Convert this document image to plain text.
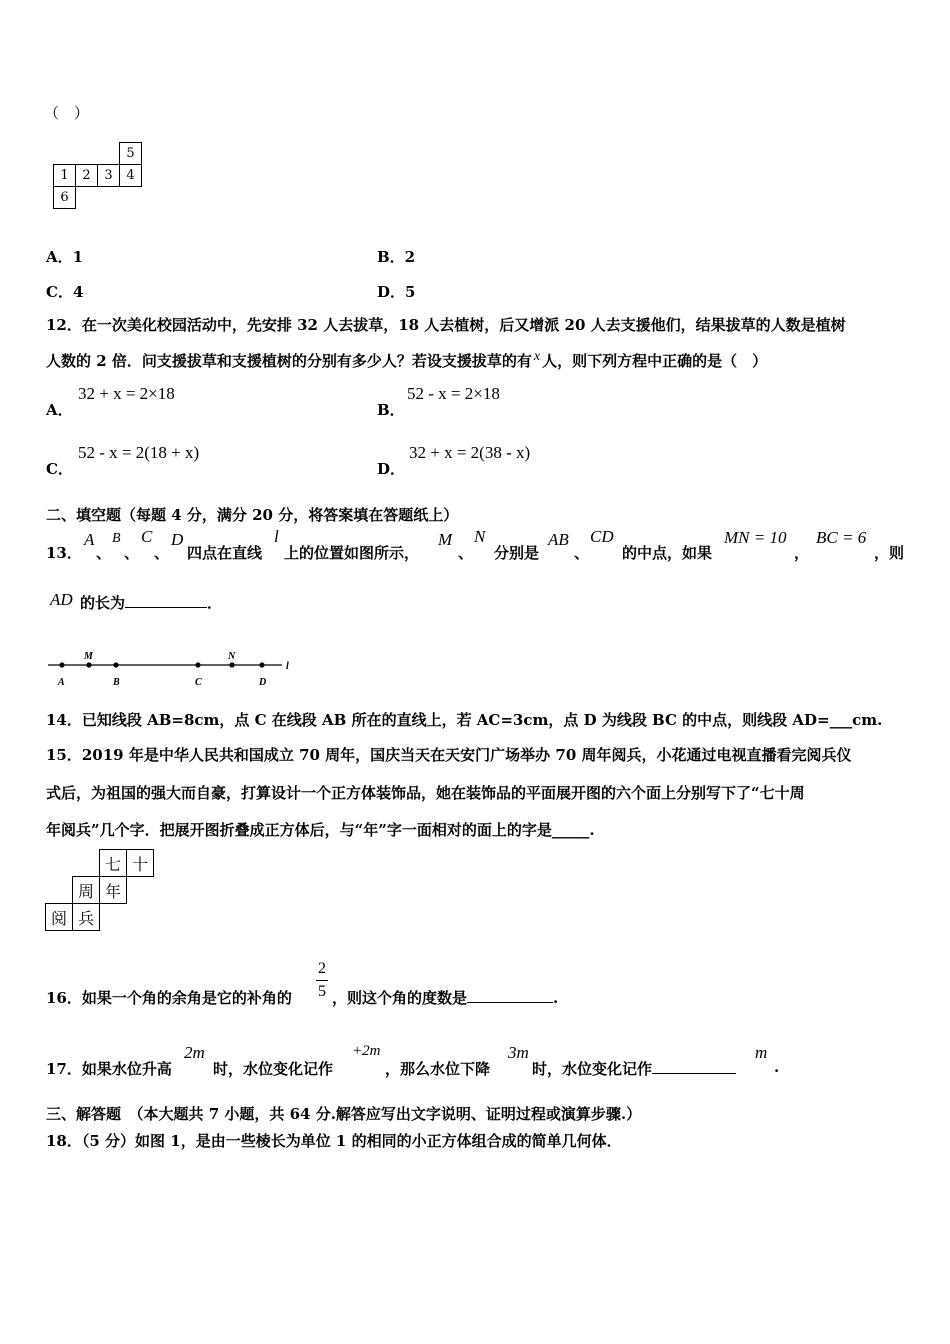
（　）
			5
1	2	3	4
6			
A．1	B．2
C．4	D．5
12．在一次美化校园活动中，先安排 32 人去拔草，18 人去植树，后又增派 20 人去支援他们，结果拔草的人数是植树
人数的 2 倍．问支援拔草和支援植树的分别有多少人？若设支援拔草的有 x 人，则下列方程中正确的是（　）
A．
32 + x = 2×18
B．
52 - x = 2×18
C．
52 - x = 2(18 + x)
D．
32 + x = 2(38 - x)
二、填空题（每题 4 分，满分 20 分，将答案填在答题纸上）
13．
A
、
B
、
C
、
D
四点在直线
l
上的位置如图所示，
M
、
N
分别是
AB
、
CD
的中点，如果
MN = 10
，
BC = 6
，则
AD 的长为	．
A
M
B	C
N
D
l
14．已知线段 AB=8cm，点 C 在线段 AB 所在的直线上，若 AC=3cm，点 D 为线段 BC 的中点，则线段 AD=___cm.
15．2019 年是中华人民共和国成立 70 周年，国庆当天在天安门广场举办 70 周年阅兵，小花通过电视直播看完阅兵仪
式后，为祖国的强大而自豪，打算设计一个正方体装饰品，她在装饰品的平面展开图的六个面上分别写下了“七十周
年阅兵”几个字．把展开图折叠成正方体后，与“年”字一面相对的面上的字是_____.
		七	十
	周	年	
阅	兵		
16．如果一个角的余角是它的补角的
2
5 ，则这个角的度数是	.
17．如果水位升高
2m
时，水位变化记作
+2m
，那么水位下降
3m
时，水位变化记作
m
.
三、解答题　（本大题共 7 小题，共 64 分.解答应写出文字说明、证明过程或演算步骤.）
18．（5 分）如图 1，是由一些棱长为单位 1 的相同的小正方体组合成的简单几何体．
